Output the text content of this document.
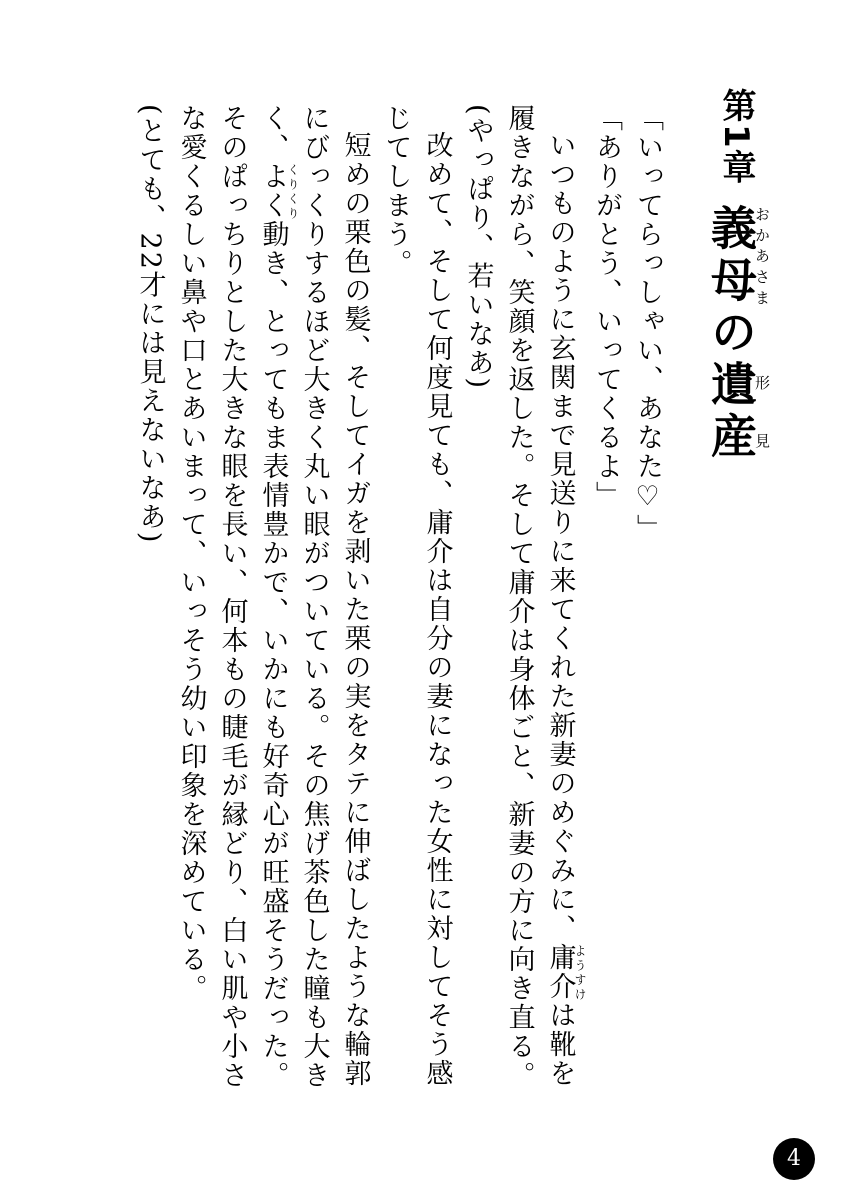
第1章
義母おかあさまの遺産形見

「いってらっしゃい、あなた♡」

「ありがとう、いってくるよ」

いつものように玄関まで見送りに来てくれた新妻のめぐみに、庸介ようすけは靴を履きながら、笑顔を返した。そして庸介は身体ごと、新妻の方に向き直る。

(やっぱり、若いなあ)

改めて、そして何度見ても、庸介は自分の妻になった女性に対してそう感じてしまう。

短めの栗色の髪、そしてイガを剥いた栗の実をタテに伸ばしたような輪郭にびっくりするほど大きく丸い眼がついている。その焦げ茶色した瞳も大きく、よくくりくり動き、とってもま表情豊かで、いかにも好奇心が旺盛そうだった。そのぱっちりとした大きな眼を長い、何本もの睫毛が縁どり、白い肌や小さな愛くるしい鼻や口とあいまって、いっそう幼い印象を深めている。

(とても、22才には見えないなあ)

4
